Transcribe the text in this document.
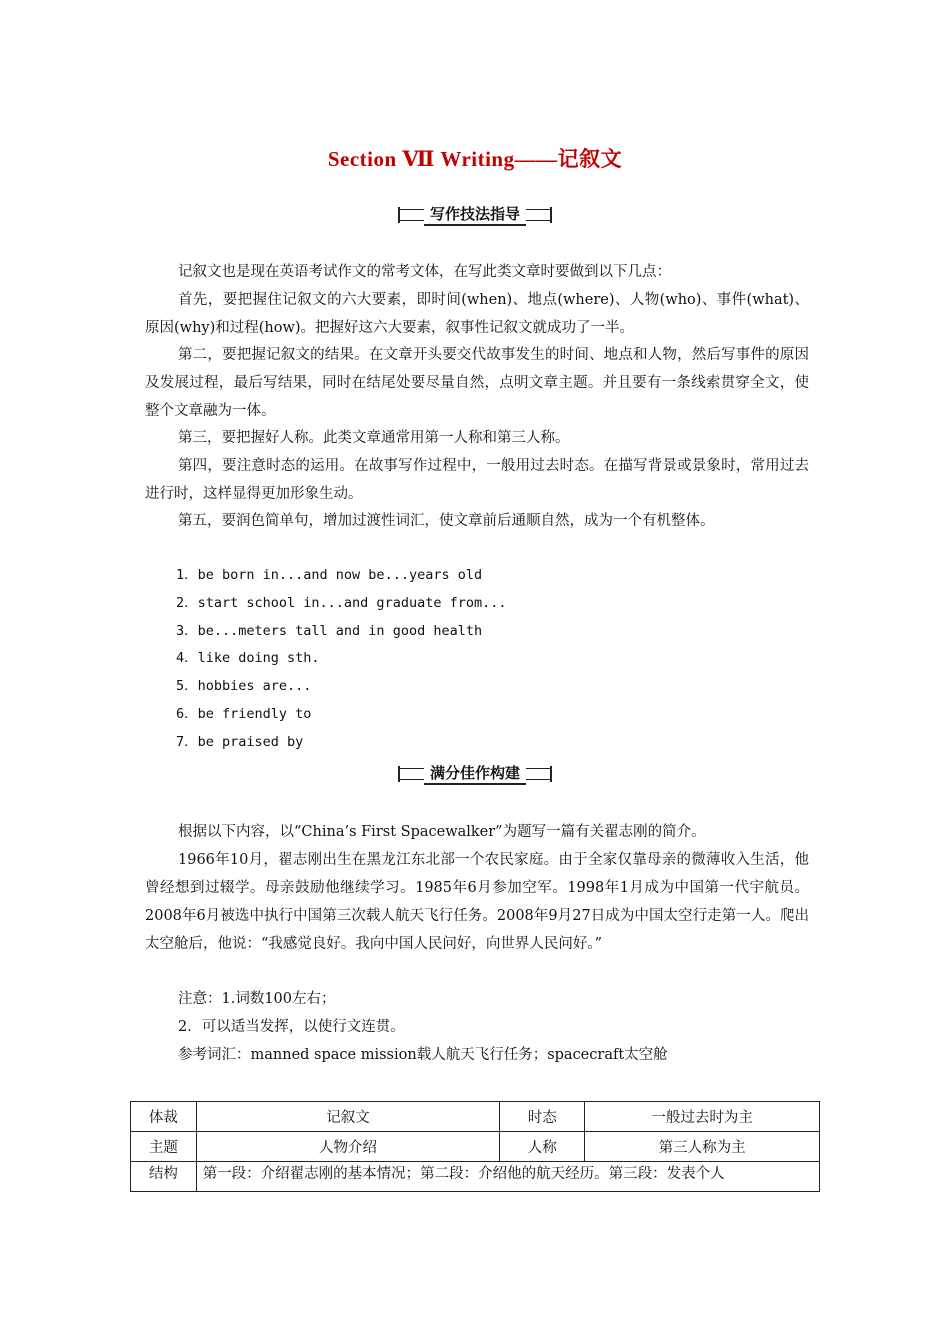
Section Ⅶ Writing——记叙文
写作技法指导
记叙文也是现在英语考试作文的常考文体，在写此类文章时要做到以下几点：
首先，要把握住记叙文的六大要素，即时间(when)、地点(where)、人物(who)、事件(what)、原因(why)和过程(how)。把握好这六大要素，叙事性记叙文就成功了一半。
第二，要把握记叙文的结果。在文章开头要交代故事发生的时间、地点和人物，然后写事件的原因及发展过程，最后写结果，同时在结尾处要尽量自然，点明文章主题。并且要有一条线索贯穿全文，使整个文章融为一体。
第三，要把握好人称。此类文章通常用第一人称和第三人称。
第四，要注意时态的运用。在故事写作过程中，一般用过去时态。在描写背景或景象时，常用过去进行时，这样显得更加形象生动。
第五，要润色简单句，增加过渡性词汇，使文章前后通顺自然，成为一个有机整体。
1．be born in...and now be...years old
2．start school in...and graduate from...
3．be...meters tall and in good health
4．like doing sth.
5．hobbies are...
6．be friendly to
7．be praised by
满分佳作构建
根据以下内容，以“China’s First Spacewalker”为题写一篇有关翟志刚的简介。
1966年10月，翟志刚出生在黑龙江东北部一个农民家庭。由于全家仅靠母亲的微薄收入生活，他曾经想到过辍学。母亲鼓励他继续学习。1985年6月参加空军。1998年1月成为中国第一代宇航员。2008年6月被选中执行中国第三次载人航天飞行任务。2008年9月27日成为中国太空行走第一人。爬出太空舱后，他说：“我感觉良好。我向中国人民问好，向世界人民问好。”
注意：1.词数100左右；
2．可以适当发挥，以使行文连贯。
参考词汇：manned space mission载人航天飞行任务；spacecraft太空舱
体裁	记叙文	时态	一般过去时为主
主题	人物介绍	人称	第三人称为主
结构	第一段：介绍翟志刚的基本情况；第二段：介绍他的航天经历。第三段：发表个人		
